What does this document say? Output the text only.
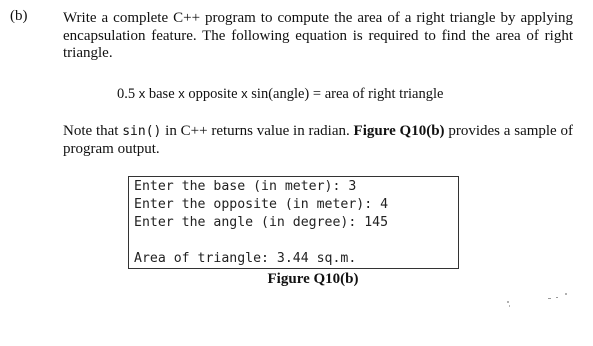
(b) Write a complete C++ program to compute the area of a right triangle by applying encapsulation feature. The following equation is required to find the area of right triangle.
0.5 x base x opposite x sin(angle) = area of right triangle
Note that sin() in C++ returns value in radian. Figure Q10(b) provides a sample of program output.
Enter the base (in meter): 3
Enter the opposite (in meter): 4
Enter the angle (in degree): 145
Area of triangle: 3.44 sq.m.
Figure Q10(b)
